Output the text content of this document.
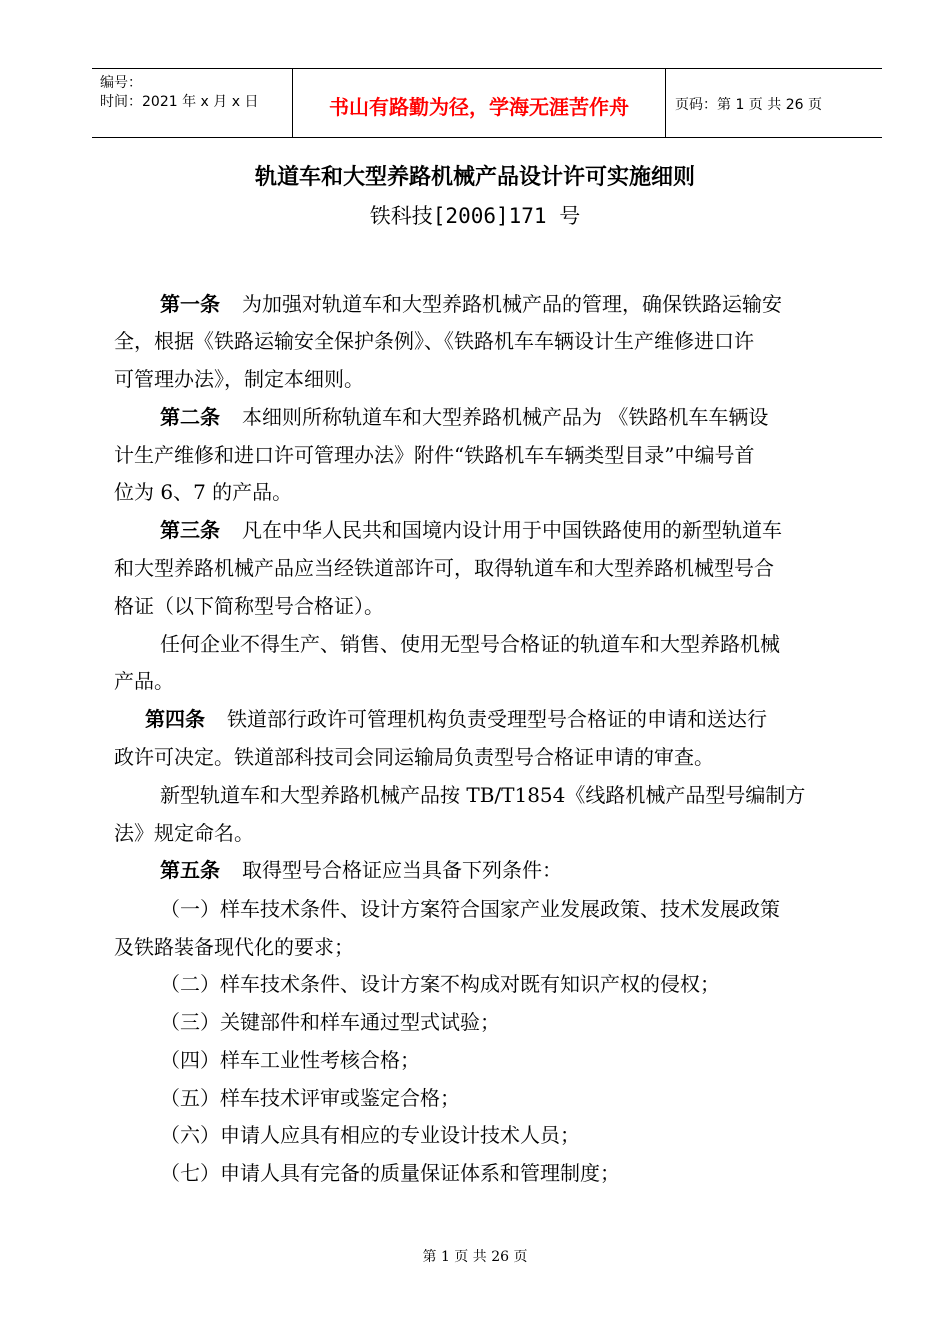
编号：
时间：2021 年 x 月 x 日	书山有路勤为径，学海无涯苦作舟	页码：第 1 页 共 26 页
轨道车和大型养路机械产品设计许可实施细则
铁科技[2006]171 号
第一条 为加强对轨道车和大型养路机械产品的管理，确保铁路运输安
全，根据《铁路运输安全保护条例》、《铁路机车车辆设计生产维修进口许
可管理办法》，制定本细则。
第二条 本细则所称轨道车和大型养路机械产品为 《铁路机车车辆设
计生产维修和进口许可管理办法》附件“铁路机车车辆类型目录”中编号首
位为 6、7 的产品。
第三条 凡在中华人民共和国境内设计用于中国铁路使用的新型轨道车
和大型养路机械产品应当经铁道部许可，取得轨道车和大型养路机械型号合
格证（以下简称型号合格证）。
任何企业不得生产、销售、使用无型号合格证的轨道车和大型养路机械
产品。
第四条 铁道部行政许可管理机构负责受理型号合格证的申请和送达行
政许可决定。铁道部科技司会同运输局负责型号合格证申请的审查。
新型轨道车和大型养路机械产品按 TB/T1854《线路机械产品型号编制方
法》规定命名。
第五条 取得型号合格证应当具备下列条件：
（一）样车技术条件、设计方案符合国家产业发展政策、技术发展政策
及铁路装备现代化的要求；
（二）样车技术条件、设计方案不构成对既有知识产权的侵权；
（三）关键部件和样车通过型式试验；
（四）样车工业性考核合格；
（五）样车技术评审或鉴定合格；
（六）申请人应具有相应的专业设计技术人员；
（七）申请人具有完备的质量保证体系和管理制度；
第 1 页 共 26 页
